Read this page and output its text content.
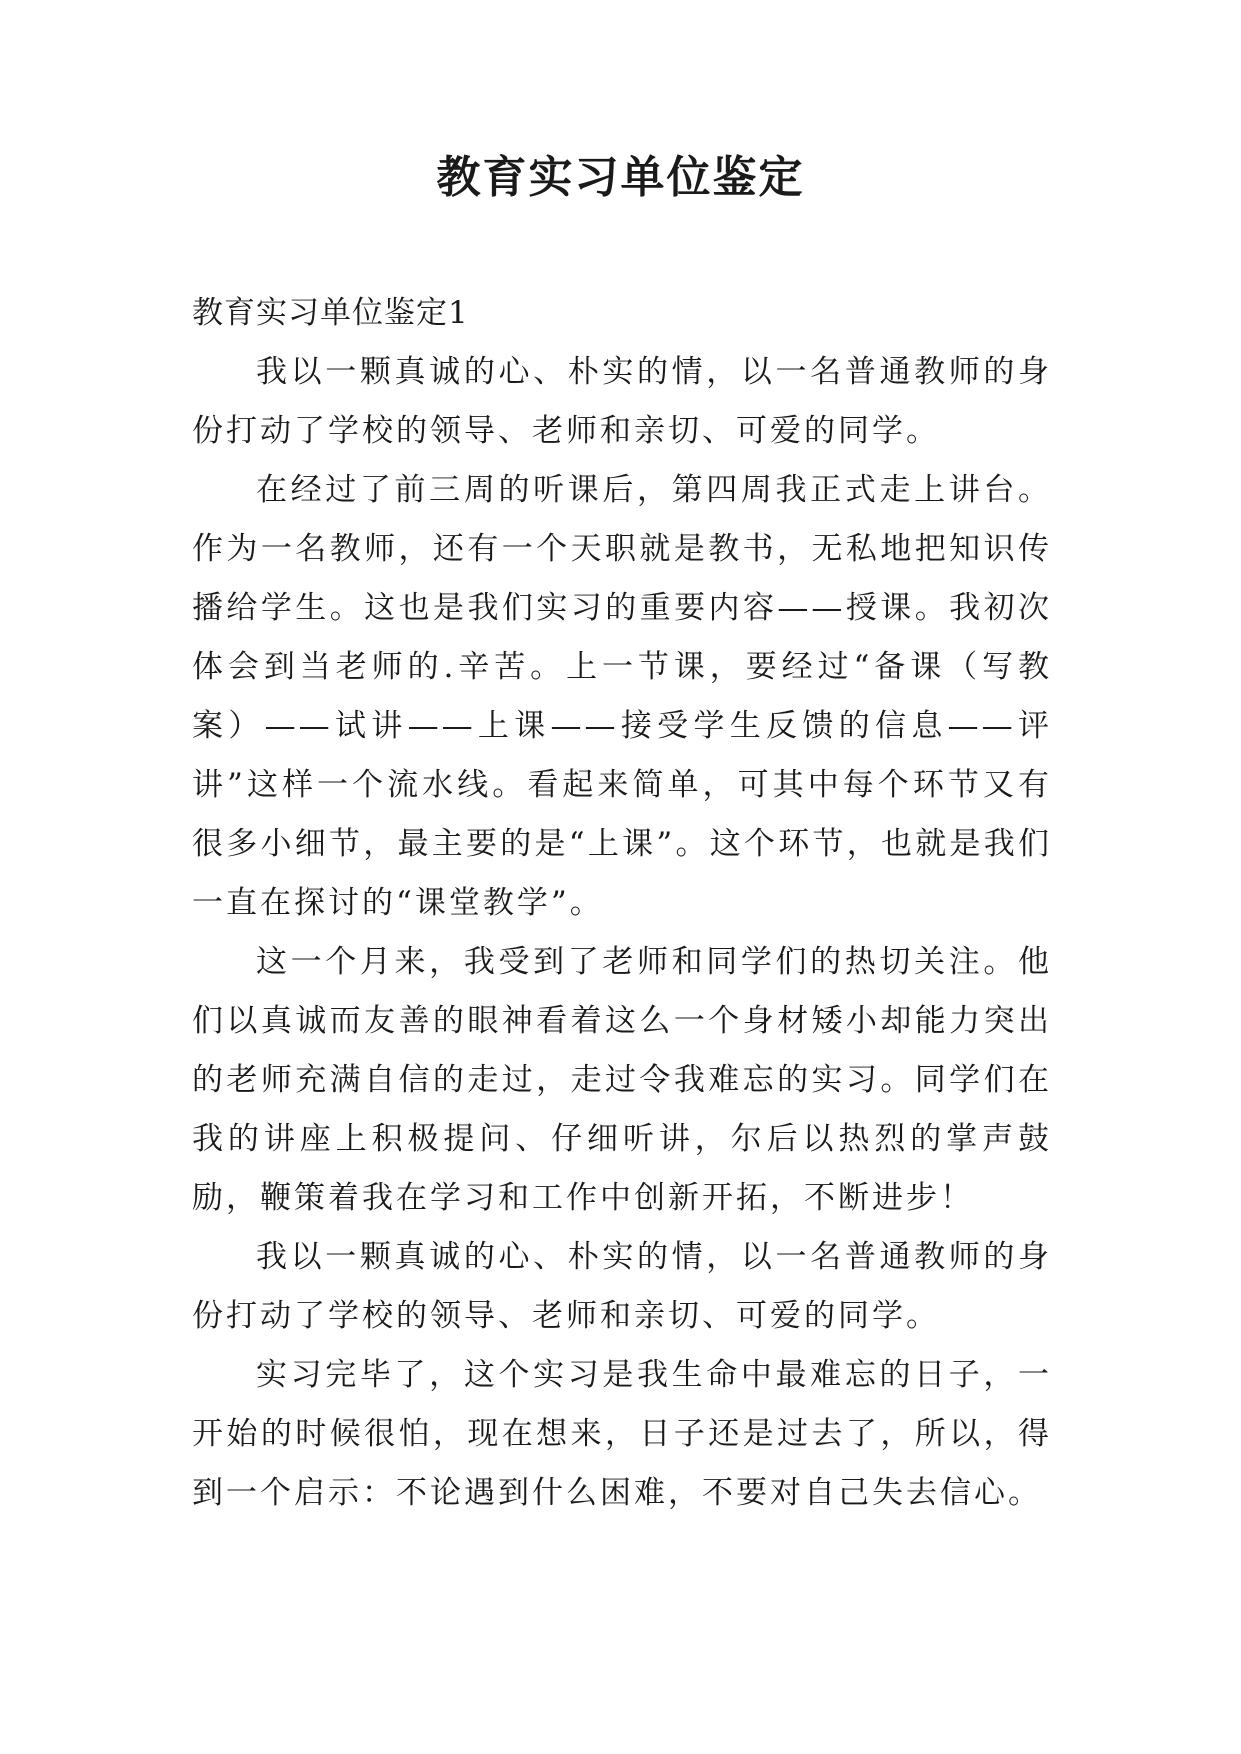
教育实习单位鉴定

教育实习单位鉴定1

我以一颗真诚的心、朴实的情，以一名普通教师的身份打动了学校的领导、老师和亲切、可爱的同学。

在经过了前三周的听课后，第四周我正式走上讲台。作为一名教师，还有一个天职就是教书，无私地把知识传播给学生。这也是我们实习的重要内容——授课。我初次体会到当老师的.辛苦。上一节课，要经过“备课（写教案）——试讲——上课——接受学生反馈的信息——评讲”这样一个流水线。看起来简单，可其中每个环节又有很多小细节，最主要的是“上课”。这个环节，也就是我们一直在探讨的“课堂教学”。

这一个月来，我受到了老师和同学们的热切关注。他们以真诚而友善的眼神看着这么一个身材矮小却能力突出的老师充满自信的走过，走过令我难忘的实习。同学们在我的讲座上积极提问、仔细听讲，尔后以热烈的掌声鼓励，鞭策着我在学习和工作中创新开拓，不断进步！

我以一颗真诚的心、朴实的情，以一名普通教师的身份打动了学校的领导、老师和亲切、可爱的同学。

实习完毕了，这个实习是我生命中最难忘的日子，一开始的时候很怕，现在想来，日子还是过去了，所以，得到一个启示：不论遇到什么困难，不要对自己失去信心。
